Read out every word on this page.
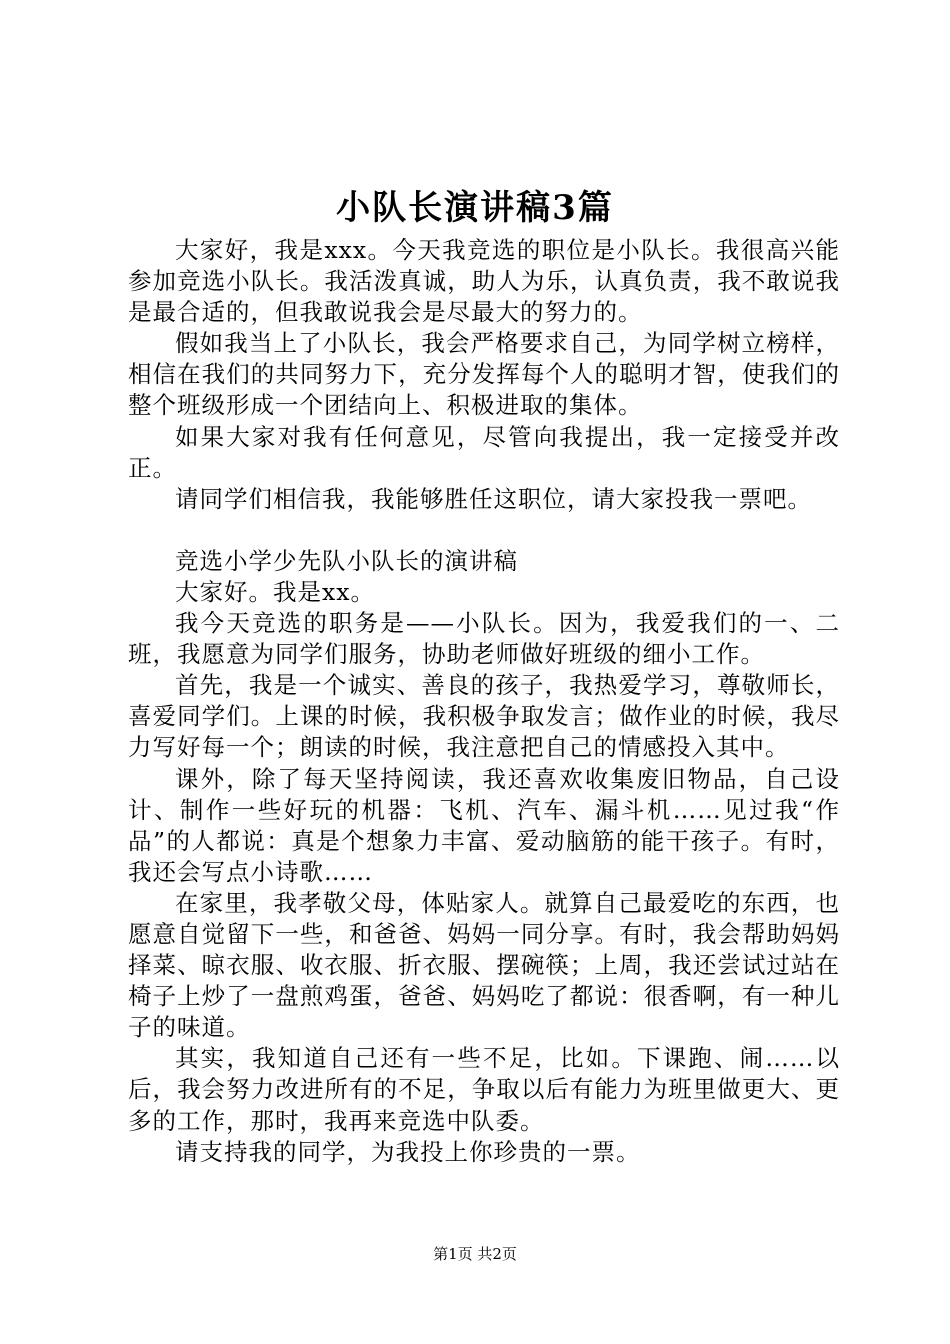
小队长演讲稿3篇

大家好，我是xxx。今天我竞选的职位是小队长。我很高兴能参加竞选小队长。我活泼真诚，助人为乐，认真负责，我不敢说我是最合适的，但我敢说我会是尽最大的努力的。

假如我当上了小队长，我会严格要求自己，为同学树立榜样，相信在我们的共同努力下，充分发挥每个人的聪明才智，使我们的整个班级形成一个团结向上、积极进取的集体。

如果大家对我有任何意见，尽管向我提出，我一定接受并改正。

请同学们相信我，我能够胜任这职位，请大家投我一票吧。

竞选小学少先队小队长的演讲稿

大家好。我是xx。

我今天竞选的职务是——小队长。因为，我爱我们的一、二班，我愿意为同学们服务，协助老师做好班级的细小工作。

首先，我是一个诚实、善良的孩子，我热爱学习，尊敬师长，喜爱同学们。上课的时候，我积极争取发言；做作业的时候，我尽力写好每一个；朗读的时候，我注意把自己的情感投入其中。

课外，除了每天坚持阅读，我还喜欢收集废旧物品，自己设计、制作一些好玩的机器：飞机、汽车、漏斗机……见过我“作品”的人都说：真是个想象力丰富、爱动脑筋的能干孩子。有时，我还会写点小诗歌……

在家里，我孝敬父母，体贴家人。就算自己最爱吃的东西，也愿意自觉留下一些，和爸爸、妈妈一同分享。有时，我会帮助妈妈择菜、晾衣服、收衣服、折衣服、摆碗筷；上周，我还尝试过站在椅子上炒了一盘煎鸡蛋，爸爸、妈妈吃了都说：很香啊，有一种儿子的味道。

其实，我知道自己还有一些不足，比如。下课跑、闹……以后，我会努力改进所有的不足，争取以后有能力为班里做更大、更多的工作，那时，我再来竞选中队委。

请支持我的同学，为我投上你珍贵的一票。

第1页 共2页
